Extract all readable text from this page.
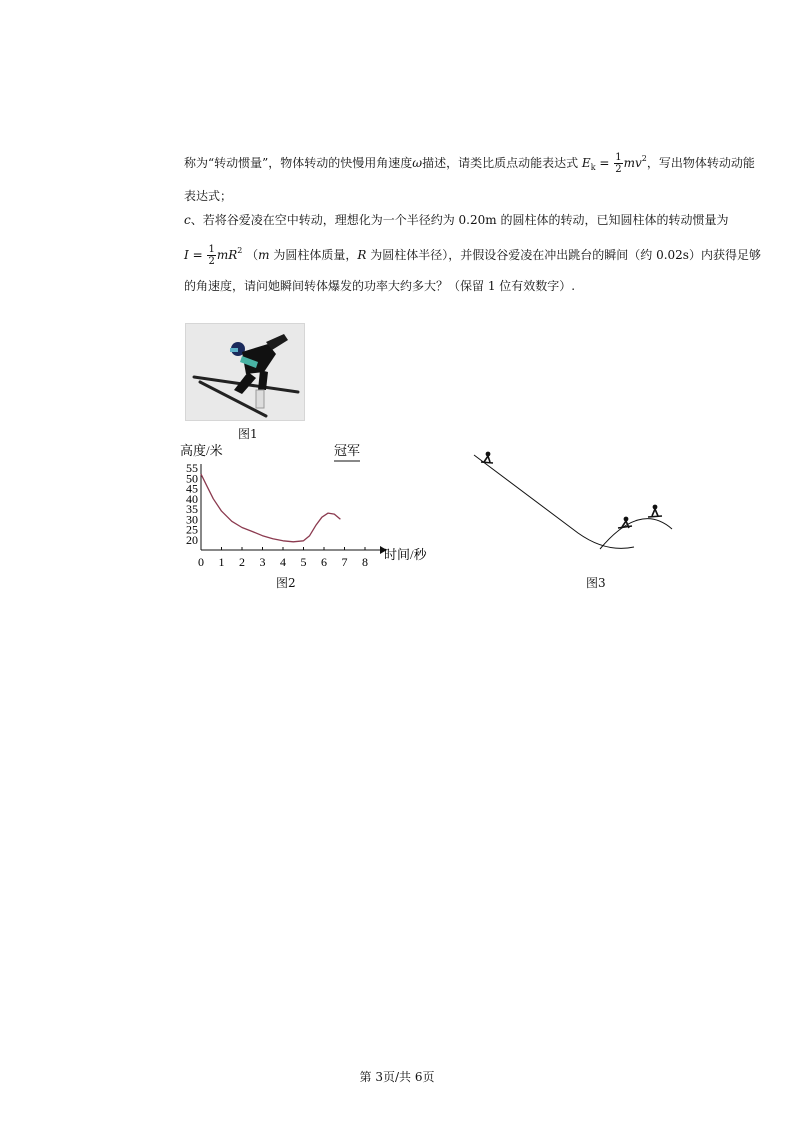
称为“转动惯量”，物体转动的快慢用角速度ω描述，请类比质点动能表达式 $E_k = \frac{1}{2} mv^2$，写出物体转动动能
表达式；
c、若将谷爱凌在空中转动，理想化为一个半径约为 0.20m 的圆柱体的转动，已知圆柱体的转动惯量为
$I = \frac{1}{2} mR^2$ （m 为圆柱体质量，R 为圆柱体半径），并假设谷爱凌在冲出跳台的瞬间（约 0.02s）内获得足够
的角速度，请问她瞬间转体爆发的功率大约多大？（保留 1 位有效数字）.
图1
0 1 2 3 4 5 6 7 8
20
25
30
35
40
45
50
55
高度/米
时间/秒
冠军
图2	图3
第 3页/共 6页
